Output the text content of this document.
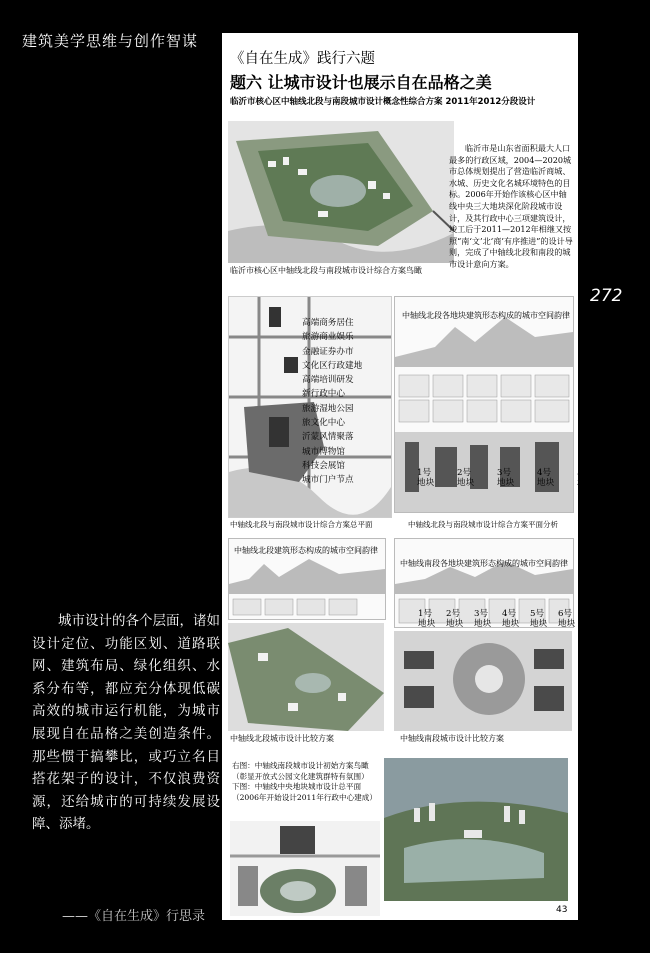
建筑美学思维与创作智谋
272
城市设计的各个层面，诸如设计定位、功能区划、道路联网、建筑布局、绿化组织、水系分布等，都应充分体现低碳高效的城市运行机能，为城市展现自在品格之美创造条件。那些惯于搞攀比，或巧立名目搭花架子的设计，不仅浪费资源，还给城市的可持续发展设障、添堵。
——《自在生成》行思录
《自在生成》践行六题
题六 让城市设计也展示自在品格之美
临沂市核心区中轴线北段与南段城市设计概念性综合方案 2011年2012分段设计
临沂市是山东省面积最大人口最多的行政区域，2004—2020城市总体规划提出了营造临沂商城、水城、历史文化名城环境特色的目标。2006年开始作该核心区中轴线中央三大地块深化阶段城市设计，及其行政中心三项建筑设计，竣工后于2011—2012年相继又按照“南‘文’北‘商’有序推进”的设计导则，完成了中轴线北段和南段的城市设计意向方案。
临沂市核心区中轴线北段与南段城市设计综合方案鸟瞰
高端商务居住
旅游商业娱乐
金融证券办市
文化区行政建地
高端培训研发
新行政中心
旅游湿地公园
旅文化中心
沂蒙风情聚落
城市博物馆
科技会展馆
城市门户节点
中轴线北段与南段城市设计综合方案总平面
中轴线北段各地块建筑形态构成的城市空间韵律
1号地块
2号地块
3号地块
4号地块
5号地块
中轴线北段与南段城市设计综合方案平面分析
中轴线北段建筑形态构成的城市空间韵律
中轴线北段城市设计比较方案
中轴线南段各地块建筑形态构成的城市空间韵律
1号地块
2号地块
3号地块
4号地块
5号地块
6号地块
中轴线南段城市设计比较方案
右图：中轴线南段城市设计初始方案鸟瞰
（彰显开放式公园文化建筑群特有氛围）
下图：中轴线中央地块城市设计总平面
（2006年开始设计2011年行政中心建成）
43
